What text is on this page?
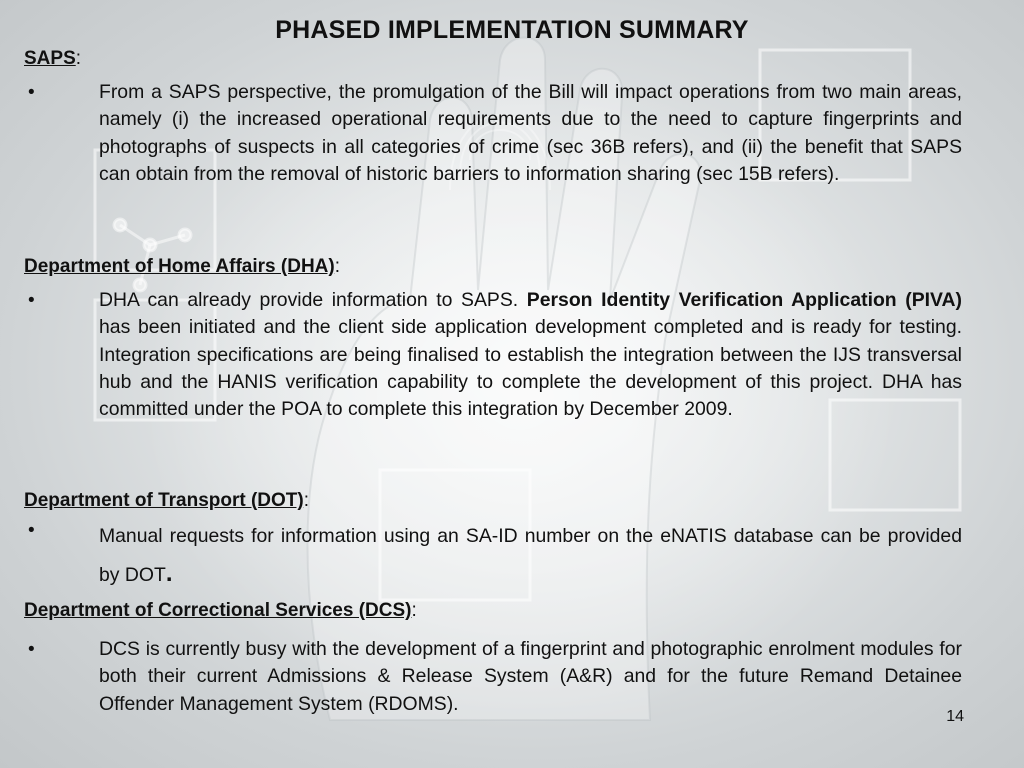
PHASED IMPLEMENTATION SUMMARY
SAPS:
•	From a SAPS perspective, the promulgation of the Bill will impact operations from two main areas, namely (i) the increased operational requirements due to the need to capture fingerprints and photographs of suspects in all categories of crime (sec 36B refers), and (ii) the benefit that SAPS can obtain from the removal of historic barriers to information sharing (sec 15B refers).
Department of Home Affairs (DHA):
•	DHA can already provide information to SAPS. Person Identity Verification Application (PIVA) has been initiated and the client side application development completed and is ready for testing. Integration specifications are being finalised to establish the integration between the IJS transversal hub and the HANIS verification capability to complete the development of this project. DHA has committed under the POA to complete this integration by December 2009.
Department of Transport (DOT):
•	Manual requests for information using an SA-ID number on the eNATIS database can be provided by DOT.
Department of Correctional Services (DCS):
•	DCS is currently busy with the development of a fingerprint and photographic enrolment modules for both their current Admissions & Release System (A&R) and for the future Remand Detainee Offender Management System (RDOMS).
14
